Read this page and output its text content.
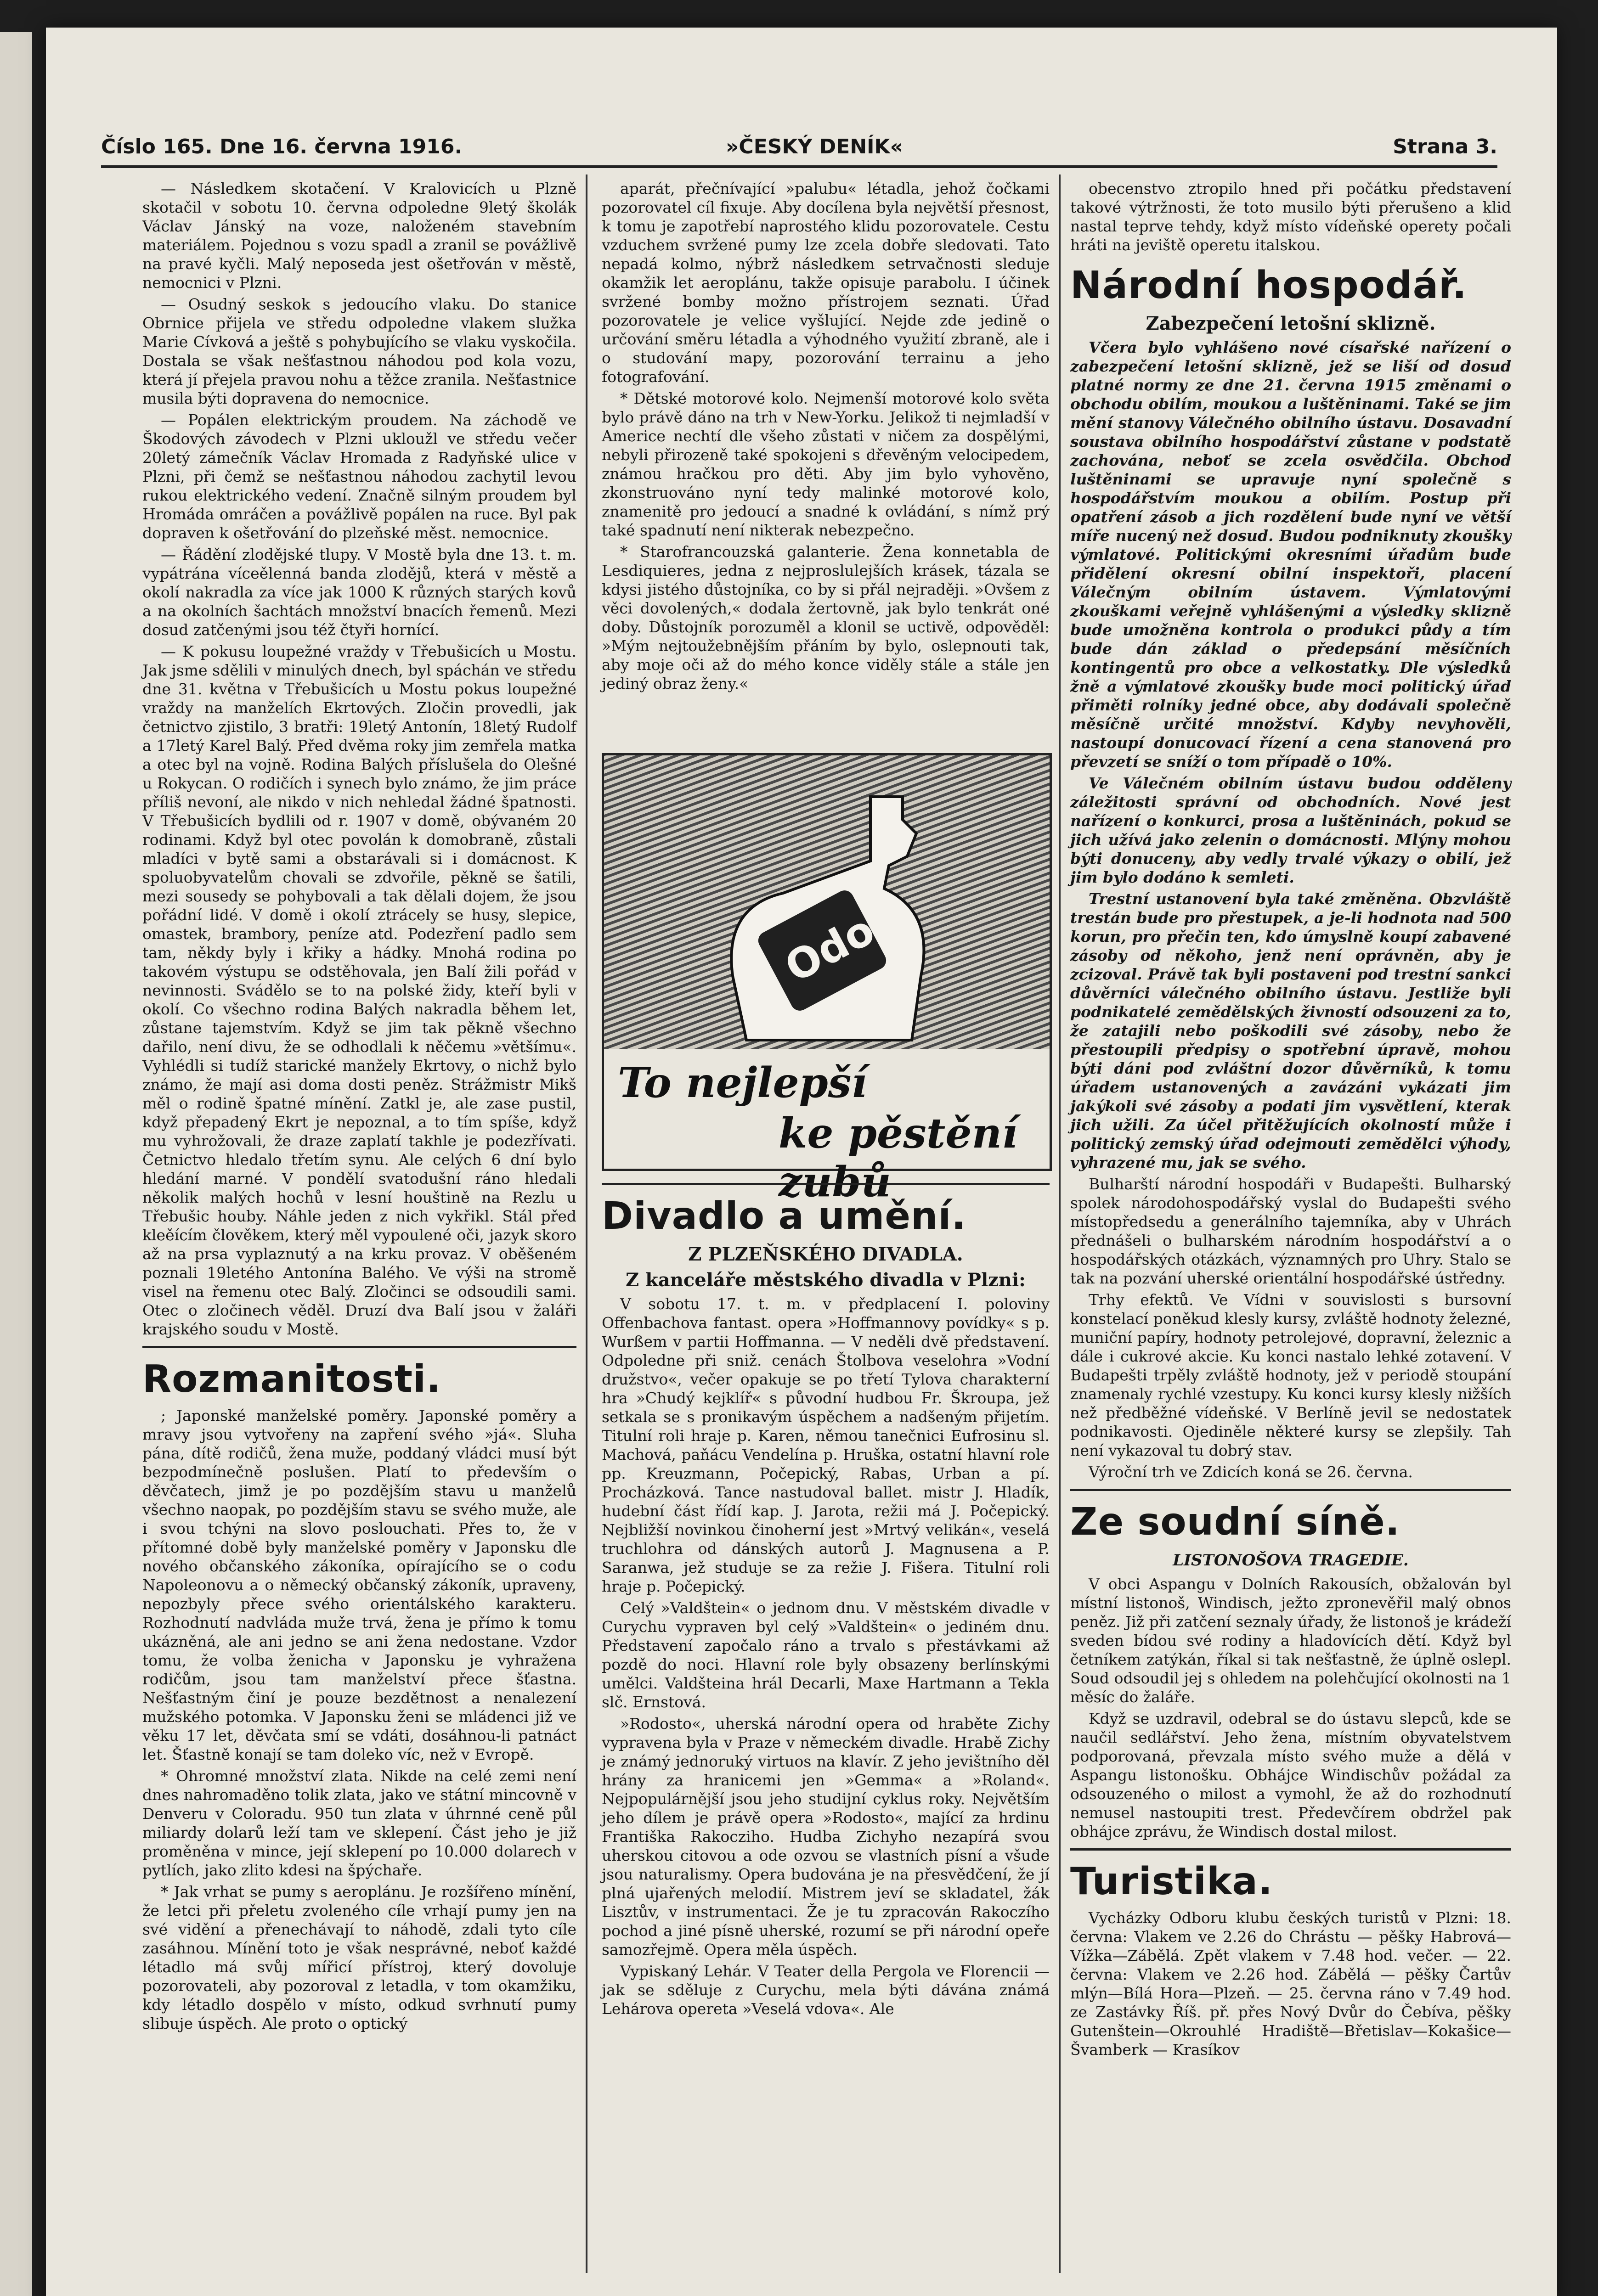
Číslo 165. Dne 16. června 1916.	»ČESKÝ DENÍK«	Strana 3.

— Následkem skotačení. V Kralovicích u Plzně skotačil v sobotu 10. června odpoledne 9letý školák Václav Jánský na voze, naloženém stavebním materiálem. Pojednou s vozu spadl a zranil se povážlivě na pravé kyčli. Malý neposeda jest ošetřován v městě, nemocnici v Plzni.

— Osudný seskok s jedoucího vlaku. Do stanice Obrnice přijela ve středu odpoledne vlakem služka Marie Cívková a ještě s pohybujícího se vlaku vyskočila. Dostala se však nešťastnou náhodou pod kola vozu, která jí přejela pravou nohu a těžce zranila. Nešťastnice musila býti dopravena do nemocnice.

— Popálen elektrickým proudem. Na záchodě ve Škodových závodech v Plzni ukloužl ve středu večer 20letý zámečník Václav Hromada z Radyňské ulice v Plzni, při čemž se nešťastnou náhodou zachytil levou rukou elektrického vedení. Značně silným proudem byl Hromáda omráčen a povážlivě popálen na ruce. Byl pak dopraven k ošetřování do plzeňské měst. nemocnice.

— Řádění zlodějské tlupy. V Mostě byla dne 13. t. m. vypátrána víceělenná banda zlodějů, která v městě a okolí nakradla za více jak 1000 K různých starých kovů a na okolních šachtách množství bnacích řemenů. Mezi dosud zatčenými jsou též čtyři hornící.

— K pokusu loupežné vraždy v Třebušicích u Mostu. Jak jsme sdělili v minulých dnech, byl spáchán ve středu dne 31. května v Třebušicích u Mostu pokus loupežné vraždy na manželích Ekrtových. Zločin provedli, jak četnictvo zjistilo, 3 bratři: 19letý Antonín, 18letý Rudolf a 17letý Karel Balý. Před dvěma roky jim zemřela matka a otec byl na vojně. Rodina Balých příslušela do Olešné u Rokycan. O rodičích i synech bylo známo, že jim práce příliš nevoní, ale nikdo v nich nehledal žádné špatnosti. V Třebušicích bydlili od r. 1907 v domě, obývaném 20 rodinami. Když byl otec povolán k domobraně, zůstali mladíci v bytě sami a obstarávali si i domácnost. K spoluobyvatelům chovali se zdvořile, pěkně se šatili, mezi sousedy se pohybovali a tak dělali dojem, že jsou pořádní lidé. V domě i okolí ztrácely se husy, slepice, omastek, brambory, peníze atd. Podezření padlo sem tam, někdy byly i křiky a hádky. Mnohá rodina po takovém výstupu se odstěhovala, jen Balí žili pořád v nevinnosti. Svádělo se to na polské židy, kteří byli v okolí. Co všechno rodina Balých nakradla během let, zůstane tajemstvím. Když se jim tak pěkně všechno dařilo, není divu, že se odhodlali k něčemu »většímu«. Vyhlédli si tudíž starické manžely Ekrtovy, o nichž bylo známo, že mají asi doma dosti peněz. Strážmistr Mikš měl o rodině špatné mínění. Zatkl je, ale zase pustil, když přepadený Ekrt je nepoznal, a to tím spíše, když mu vyhrožovali, že draze zaplatí takhle je podezřívati. Četnictvo hledalo třetím synu. Ale celých 6 dní bylo hledání marné. V pondělí svatodušní ráno hledali několik malých hochů v lesní houštině na Rezlu u Třebušic houby. Náhle jeden z nich vykřikl. Stál před kleěícím člověkem, který měl vypoulené oči, jazyk skoro až na prsa vyplaznutý a na krku provaz. V oběšeném poznali 19letého Antonína Balého. Ve výši na stromě visel na řemenu otec Balý. Zločinci se odsoudili sami. Otec o zločinech věděl. Druzí dva Balí jsou v žaláři krajského soudu v Mostě.

Rozmanitosti.

; Japonské manželské poměry. Japonské poměry a mravy jsou vytvořeny na zapření svého »já«. Sluha pána, dítě rodičů, žena muže, poddaný vládci musí být bezpodmínečně poslušen. Platí to především o děvčatech, jimž je po pozdějším stavu u manželů všechno naopak, po pozdějším stavu se svého muže, ale i svou tchýni na slovo poslouchati. Přes to, že v přítomné době byly manželské poměry v Japonsku dle nového občanského zákoníka, opírajícího se o codu Napoleonovu a o německý občanský zákoník, upraveny, nepozbyly přece svého orientálského karakteru. Rozhodnutí nadvláda muže trvá, žena je přímo k tomu ukázněná, ale ani jedno se ani žena nedostane. Vzdor tomu, že volba ženicha v Japonsku je vyhražena rodičům, jsou tam manželství přece šťastna. Nešťastným činí je pouze bezdětnost a nenalezení mužského potomka. V Japonsku ženi se mládenci již ve věku 17 let, děvčata smí se vdáti, dosáhnou-li patnáct let. Šťastně konají se tam doleko víc, než v Evropě.

* Ohromné množství zlata. Nikde na celé zemi není dnes nahromaděno tolik zlata, jako ve státní mincovně v Denveru v Coloradu. 950 tun zlata v úhrnné ceně půl miliardy dolarů leží tam ve sklepení. Část jeho je již proměněna v mince, její sklepení po 10.000 dolarech v pytlích, jako zlito kdesi na špýchaře.

* Jak vrhat se pumy s aeroplánu. Je rozšířeno mínění, že letci při přeletu zvoleného cíle vrhají pumy jen na své vidění a přenechávají to náhodě, zdali tyto cíle zasáhnou. Mínění toto je však nesprávné, neboť každé létadlo má svůj mířicí přístroj, který dovoluje pozorovateli, aby pozoroval z letadla, v tom okamžiku, kdy létadlo dospělo v místo, odkud svrhnutí pumy slibuje úspěch. Ale proto o optický

aparát, přečnívající »palubu« létadla, jehož čočkami pozorovatel cíl fixuje. Aby docílena byla největší přesnost, k tomu je zapotřebí naprostého klidu pozorovatele. Cestu vzduchem svržené pumy lze zcela dobře sledovati. Tato nepadá kolmo, nýbrž následkem setrvačnosti sleduje okamžik let aeroplánu, takže opisuje parabolu. I účinek svržené bomby možno přístrojem seznati. Úřad pozorovatele je velice vyšlující. Nejde zde jedině o určování směru létadla a výhodného využití zbraně, ale i o studování mapy, pozorování terrainu a jeho fotografování.

* Dětské motorové kolo. Nejmenší motorové kolo světa bylo právě dáno na trh v New-Yorku. Jelikož ti nejmladší v Americe nechtí dle všeho zůstati v ničem za dospělými, nebyli přirozeně také spokojeni s dřevěným velocipedem, známou hračkou pro děti. Aby jim bylo vyhověno, zkonstruováno nyní tedy malinké motorové kolo, znamenitě pro jedoucí a snadné k ovládání, s nímž prý také spadnutí není nikterak nebezpečno.

* Starofrancouzská galanterie. Žena konnetabla de Lesdiquieres, jedna z nejproslulejších krásek, tázala se kdysi jistého důstojníka, co by si přál nejraději. »Ovšem z věci dovolených,« dodala žertovně, jak bylo tenkrát oné doby. Důstojník porozuměl a klonil se uctivě, odpověděl: »Mým nejtoužebnějším přáním by bylo, oslepnouti tak, aby moje oči až do mého konce viděly stále a stále jen jediný obraz ženy.«

Odol
To nejlepší
ke pěstění zubů
Divadlo a umění.
Z PLZEŇSKÉHO DIVADLA.
Z kanceláře městského divadla v Plzni:

V sobotu 17. t. m. v předplacení I. poloviny Offenbachova fantast. opera »Hoffmannovy povídky« s p. Wurßem v partii Hoffmanna. — V neděli dvě představení. Odpoledne při sniž. cenách Štolbova veselohra »Vodní družstvo«, večer opakuje se po třetí Tylova charakterní hra »Chudý kejklíř« s původní hudbou Fr. Škroupa, jež setkala se s pronikavým úspěchem a nadšeným přijetím. Titulní roli hraje p. Karen, němou tanečnici Eufrosinu sl. Machová, paňácu Vendelína p. Hruška, ostatní hlavní role pp. Kreuzmann, Počepický, Rabas, Urban a pí. Procházková. Tance nastudoval ballet. mistr J. Hladík, hudební část řídí kap. J. Jarota, režii má J. Počepický. Nejbližší novinkou činoherní jest »Mrtvý velikán«, veselá truchlohra od dánských autorů J. Magnusena a P. Saranwa, jež studuje se za režie J. Fišera. Titulní roli hraje p. Počepický.

Celý »Valdštein« o jednom dnu. V městském divadle v Curychu vypraven byl celý »Valdštein« o jediném dnu. Představení započalo ráno a trvalo s přestávkami až pozdě do noci. Hlavní role byly obsazeny berlínskými umělci. Valdšteina hrál Decarli, Maxe Hartmann a Tekla slč. Ernstová.

»Rodosto«, uherská národní opera od hraběte Zichy vypravena byla v Praze v německém divadle. Hrabě Zichy je známý jednoruký virtuos na klavír. Z jeho jevištního děl hrány za hranicemi jen »Gemma« a »Roland«. Nejpopulárnější jsou jeho studijní cyklus roky. Největším jeho dílem je právě opera »Rodosto«, mající za hrdinu Františka Rakocziho. Hudba Zichyho nezapírá svou uherskou citovou a ode ozvou se vlastních písní a všude jsou naturalismy. Opera budována je na přesvědčení, že jí plná ujařených melodií. Mistrem jeví se skladatel, žák Lisztův, v instrumentaci. Že je tu zpracován Rakoczího pochod a jiné písně uherské, rozumí se při národní opeře samozřejmě. Opera měla úspěch.

Vypiskaný Lehár. V Teater della Pergola ve Florencii — jak se sděluje z Curychu, mela býti dávána známá Lehárova opereta »Veselá vdova«. Ale

obecenstvo ztropilo hned při počátku představení takové výtržnosti, že toto musilo býti přerušeno a klid nastal teprve tehdy, když místo vídeňské operety počali hráti na jeviště operetu italskou.

Národní hospodář.
Zabezpečení letošní sklizně.

Včera bylo vyhlášeno nové císařské nařízení o zabezpečení letošní sklizně, jež se liší od dosud platné normy ze dne 21. června 1915 změnami o obchodu obilím, moukou a luštěninami. Také se jim mění stanovy Válečného obilního ústavu. Dosavadní soustava obilního hospodářství zůstane v podstatě zachována, neboť se zcela osvědčila. Obchod luštěninami se upravuje nyní společně s hospodářstvím moukou a obilím. Postup při opatření zásob a jich rozdělení bude nyní ve větší míře nucený než dosud. Budou podniknuty zkoušky výmlatové. Politickými okresními úřadům bude přidělení okresní obilní inspektoři, placení Válečným obilním ústavem. Výmlatovými zkouškami veřejně vyhlášenými a výsledky sklizně bude umožněna kontrola o produkci půdy a tím bude dán základ o předepsání měsíčních kontingentů pro obce a velkostatky. Dle výsledků žně a výmlatové zkoušky bude moci politický úřad přiměti rolníky jedné obce, aby dodávali společně měsíčně určité množství. Kdyby nevyhověli, nastoupí donucovací řízení a cena stanovená pro převzetí se sníží o tom případě o 10%.

Ve Válečném obilním ústavu budou odděleny záležitosti správní od obchodních. Nové jest nařízení o konkurci, prosa a luštěninách, pokud se jich užívá jako zelenin o domácnosti. Mlýny mohou býti donuceny, aby vedly trvalé výkazy o obilí, jež jim bylo dodáno k semleti.

Trestní ustanovení byla také změněna. Obzvláště trestán bude pro přestupek, a je-li hodnota nad 500 korun, pro přečin ten, kdo úmyslně koupí zabavené zásoby od někoho, jenž není oprávněn, aby je zcizoval. Právě tak byli postaveni pod trestní sankci důvěrníci válečného obilního ústavu. Jestliže byli podnikatelé zemědělských živností odsouzeni za to, že zatajili nebo poškodili své zásoby, nebo že přestoupili předpisy o spotřební úpravě, mohou býti dáni pod zvláštní dozor důvěrníků, k tomu úřadem ustanovených a zavázáni vykázati jim jakýkoli své zásoby a podati jim vysvětlení, kterak jich užili. Za účel přitěžujících okolností může i politický zemský úřad odejmouti zemědělci výhody, vyhrazené mu, jak se svého.

Bulharští národní hospodáři v Budapešti. Bulharský spolek národohospodářský vyslal do Budapešti svého místopředsedu a generálního tajemníka, aby v Uhrách přednášeli o bulharském národním hospodářství a o hospodářských otázkách, významných pro Uhry. Stalo se tak na pozvání uherské orientální hospodářské ústředny.

Trhy efektů. Ve Vídni v souvislosti s bursovní konstelací poněkud klesly kursy, zvláště hodnoty železné, muniční papíry, hodnoty petrolejové, dopravní, železnic a dále i cukrové akcie. Ku konci nastalo lehké zotavení. V Budapešti trpěly zvláště hodnoty, jež v periodě stoupání znamenaly rychlé vzestupy. Ku konci kursy klesly nižších než předběžné vídeňské. V Berlíně jevil se nedostatek podnikavosti. Ojediněle některé kursy se zlepšily. Tah není vykazoval tu dobrý stav.

Výroční trh ve Zdicích koná se 26. června.

Ze soudní síně.
LISTONOŠOVA TRAGEDIE.

V obci Aspangu v Dolních Rakousích, obžalován byl místní listonoš, Windisch, ježto zpronevěřil malý obnos peněz. Již při zatčení seznaly úřady, že listonoš je krádeží sveden bídou své rodiny a hladovících dětí. Když byl četníkem zatýkán, říkal si tak nešťastně, že úplně oslepl. Soud odsoudil jej s ohledem na polehčující okolnosti na 1 měsíc do žaláře.

Když se uzdravil, odebral se do ústavu slepců, kde se naučil sedlářství. Jeho žena, místním obyvatelstvem podporovaná, převzala místo svého muže a dělá v Aspangu listonošku. Obhájce Windischův požádal za odsouzeného o milost a vymohl, že až do rozhodnutí nemusel nastoupiti trest. Předevčírem obdržel pak obhájce zprávu, že Windisch dostal milost.

Turistika.

Vycházky Odboru klubu českých turistů v Plzni: 18. června: Vlakem ve 2.26 do Chrástu — pěšky Habrová—Vížka—Zábělá. Zpět vlakem v 7.48 hod. večer. — 22. června: Vlakem ve 2.26 hod. Zábělá — pěšky Čartův mlýn—Bílá Hora—Plzeň. — 25. června ráno v 7.49 hod. ze Zastávky Říš. př. přes Nový Dvůr do Čebíva, pěšky Gutenštein—Okrouhlé Hradiště—Břetislav—Kokašice—Švamberk — Krasíkov
